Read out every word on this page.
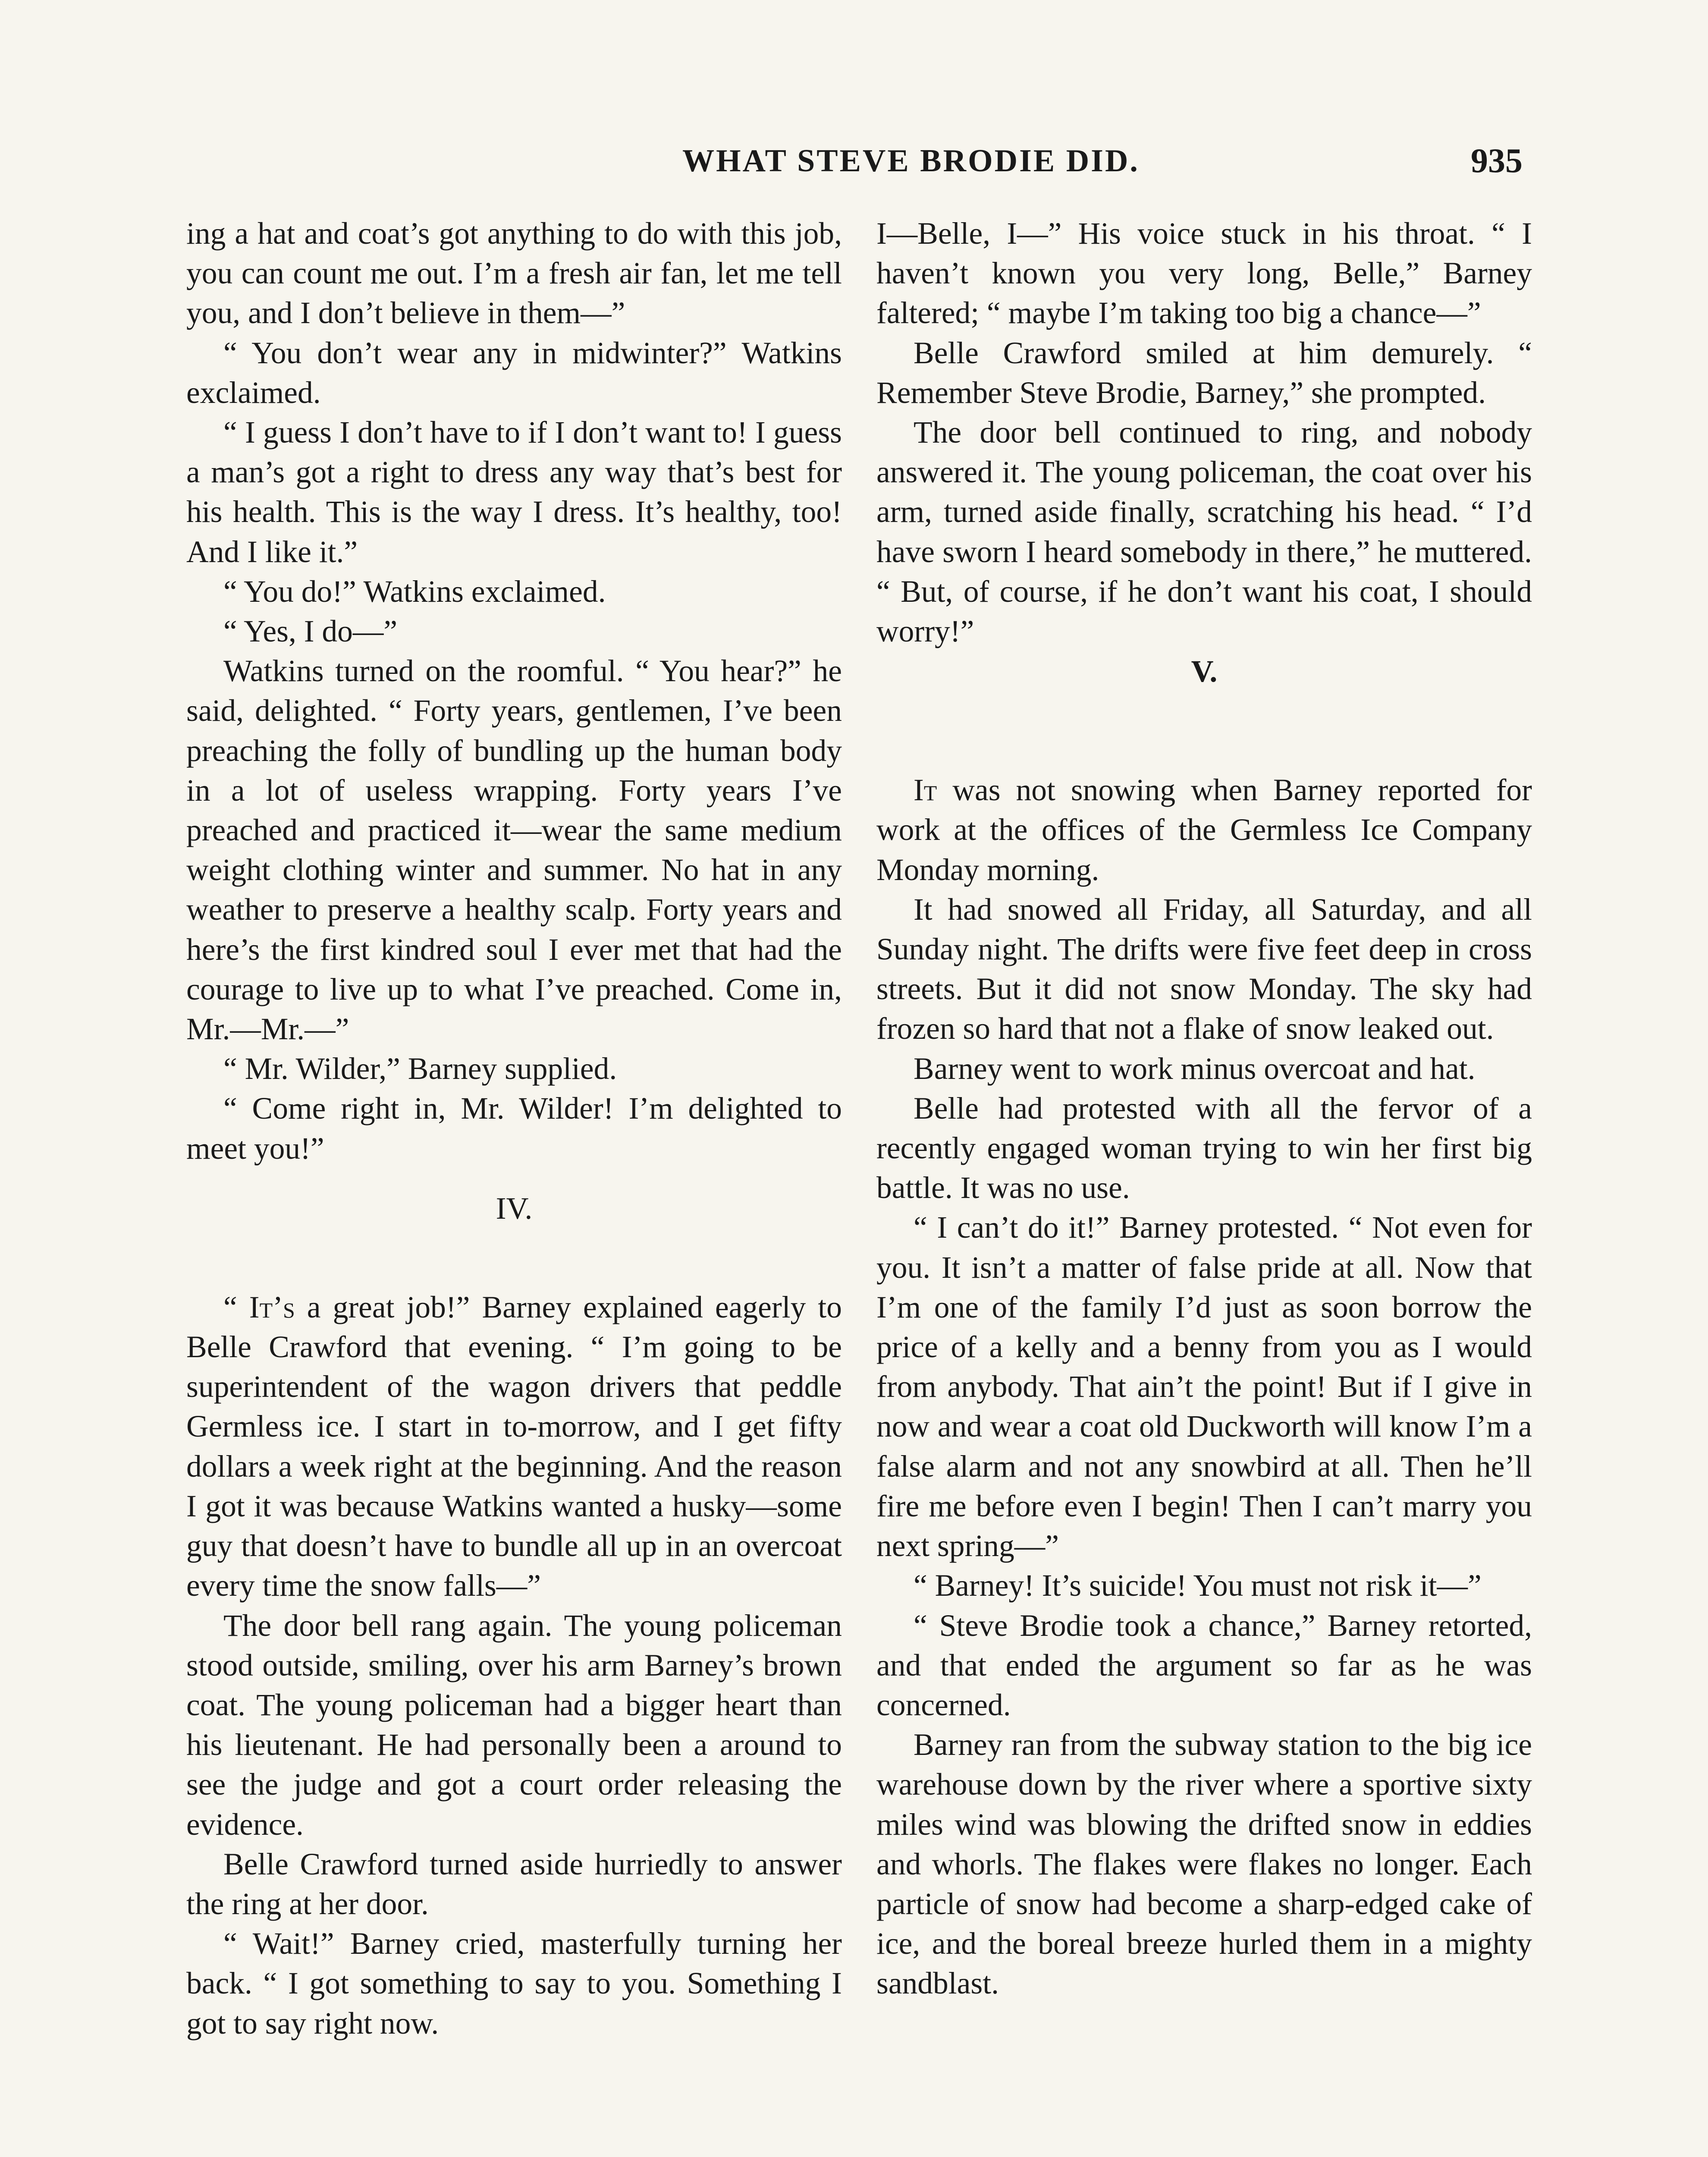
WHAT STEVE BRODIE DID.	935

ing a hat and coat’s got anything to do with this job, you can count me out. I’m a fresh air fan, let me tell you, and I don’t believe in them—”

“ You don’t wear any in midwinter?” Watkins exclaimed.

“ I guess I don’t have to if I don’t want to! I guess a man’s got a right to dress any way that’s best for his health. This is the way I dress. It’s healthy, too! And I like it.”

“ You do!” Watkins exclaimed.

“ Yes, I do—”

Watkins turned on the roomful. “ You hear?” he said, delighted. “ Forty years, gentlemen, I’ve been preaching the folly of bundling up the human body in a lot of useless wrapping. Forty years I’ve preached and practiced it—wear the same medium weight clothing winter and summer. No hat in any weather to preserve a healthy scalp. Forty years and here’s the first kindred soul I ever met that had the courage to live up to what I’ve preached. Come in, Mr.—Mr.—”

“ Mr. Wilder,” Barney supplied.

“ Come right in, Mr. Wilder! I’m delighted to meet you!”

IV.

“ It’s a great job!” Barney explained eagerly to Belle Crawford that evening. “ I’m going to be superintendent of the wagon drivers that peddle Germless ice. I start in to-morrow, and I get fifty dollars a week right at the beginning. And the reason I got it was because Watkins wanted a husky—some guy that doesn’t have to bundle all up in an overcoat every time the snow falls—”

The door bell rang again. The young policeman stood outside, smiling, over his arm Barney’s brown coat. The young policeman had a bigger heart than his lieutenant. He had personally been a around to see the judge and got a court order releasing the evidence.

Belle Crawford turned aside hurriedly to answer the ring at her door.

“ Wait!” Barney cried, masterfully turning her back. “ I got something to say to you. Something I got to say right now.

I—Belle, I—” His voice stuck in his throat. “ I haven’t known you very long, Belle,” Barney faltered; “ maybe I’m taking too big a chance—”

Belle Crawford smiled at him demurely. “ Remember Steve Brodie, Barney,” she prompted.

The door bell continued to ring, and nobody answered it. The young policeman, the coat over his arm, turned aside finally, scratching his head. “ I’d have sworn I heard somebody in there,” he muttered. “ But, of course, if he don’t want his coat, I should worry!”

V.

It was not snowing when Barney reported for work at the offices of the Germless Ice Company Monday morning.

It had snowed all Friday, all Saturday, and all Sunday night. The drifts were five feet deep in cross streets. But it did not snow Monday. The sky had frozen so hard that not a flake of snow leaked out.

Barney went to work minus overcoat and hat.

Belle had protested with all the fervor of a recently engaged woman trying to win her first big battle. It was no use.

“ I can’t do it!” Barney protested. “ Not even for you. It isn’t a matter of false pride at all. Now that I’m one of the family I’d just as soon borrow the price of a kelly and a benny from you as I would from anybody. That ain’t the point! But if I give in now and wear a coat old Duckworth will know I’m a false alarm and not any snowbird at all. Then he’ll fire me before even I begin! Then I can’t marry you next spring—”

“ Barney! It’s suicide! You must not risk it—”

“ Steve Brodie took a chance,” Barney retorted, and that ended the argument so far as he was concerned.

Barney ran from the subway station to the big ice warehouse down by the river where a sportive sixty miles wind was blowing the drifted snow in eddies and whorls. The flakes were flakes no longer. Each particle of snow had become a sharp-edged cake of ice, and the boreal breeze hurled them in a mighty sandblast.
